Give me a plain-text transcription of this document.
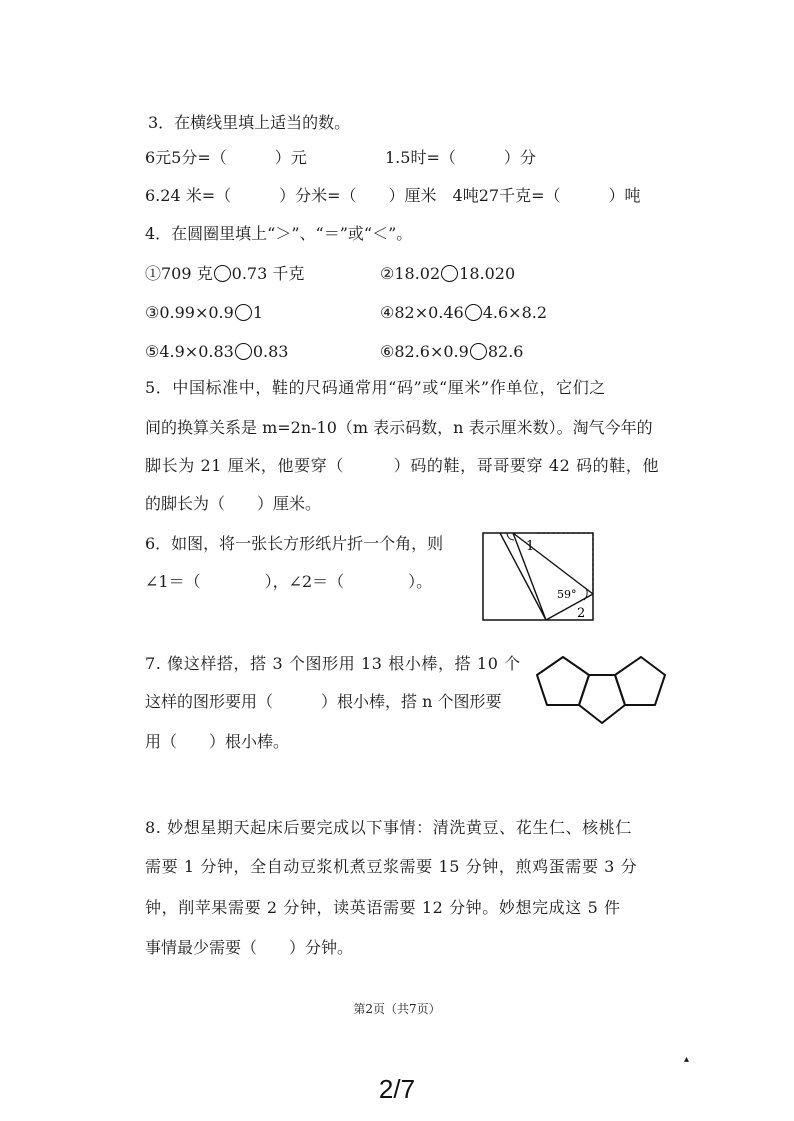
3．在横线里填上适当的数。
6元5分=（　　　）元	1.5时=（　　　）分
6.24 米=（　　　）分米=（　　）厘米　4吨27千克=（　　　）吨
4．在圆圈里填上“＞”、“＝”或“＜”。
①709 克 0.73 千克	②18.02 18.020
③0.99×0.9 1	④82×0.46 4.6×8.2
⑤4.9×0.83 0.83	⑥82.6×0.9 82.6
5．中国标准中，鞋的尺码通常用“码”或“厘米”作单位，它们之
间的换算关系是 m=2n-10（m 表示码数，n 表示厘米数）。淘气今年的
脚长为 21 厘米，他要穿（　　　）码的鞋，哥哥要穿 42 码的鞋，他
的脚长为（　　）厘米。
6．如图，将一张长方形纸片折一个角，则
∠1＝（　　　　），∠2＝（　　　　）。
1
59°
2
7. 像这样搭，搭 3 个图形用 13 根小棒，搭 10 个
这样的图形要用（　　　）根小棒，搭 n 个图形要
用（　　）根小棒。
8. 妙想星期天起床后要完成以下事情：清洗黄豆、花生仁、核桃仁
需要 1 分钟，全自动豆浆机煮豆浆需要 15 分钟，煎鸡蛋需要 3 分
钟，削苹果需要 2 分钟，读英语需要 12 分钟。妙想完成这 5 件
事情最少需要（　　）分钟。
第2页（共7页）
▴
2/7
